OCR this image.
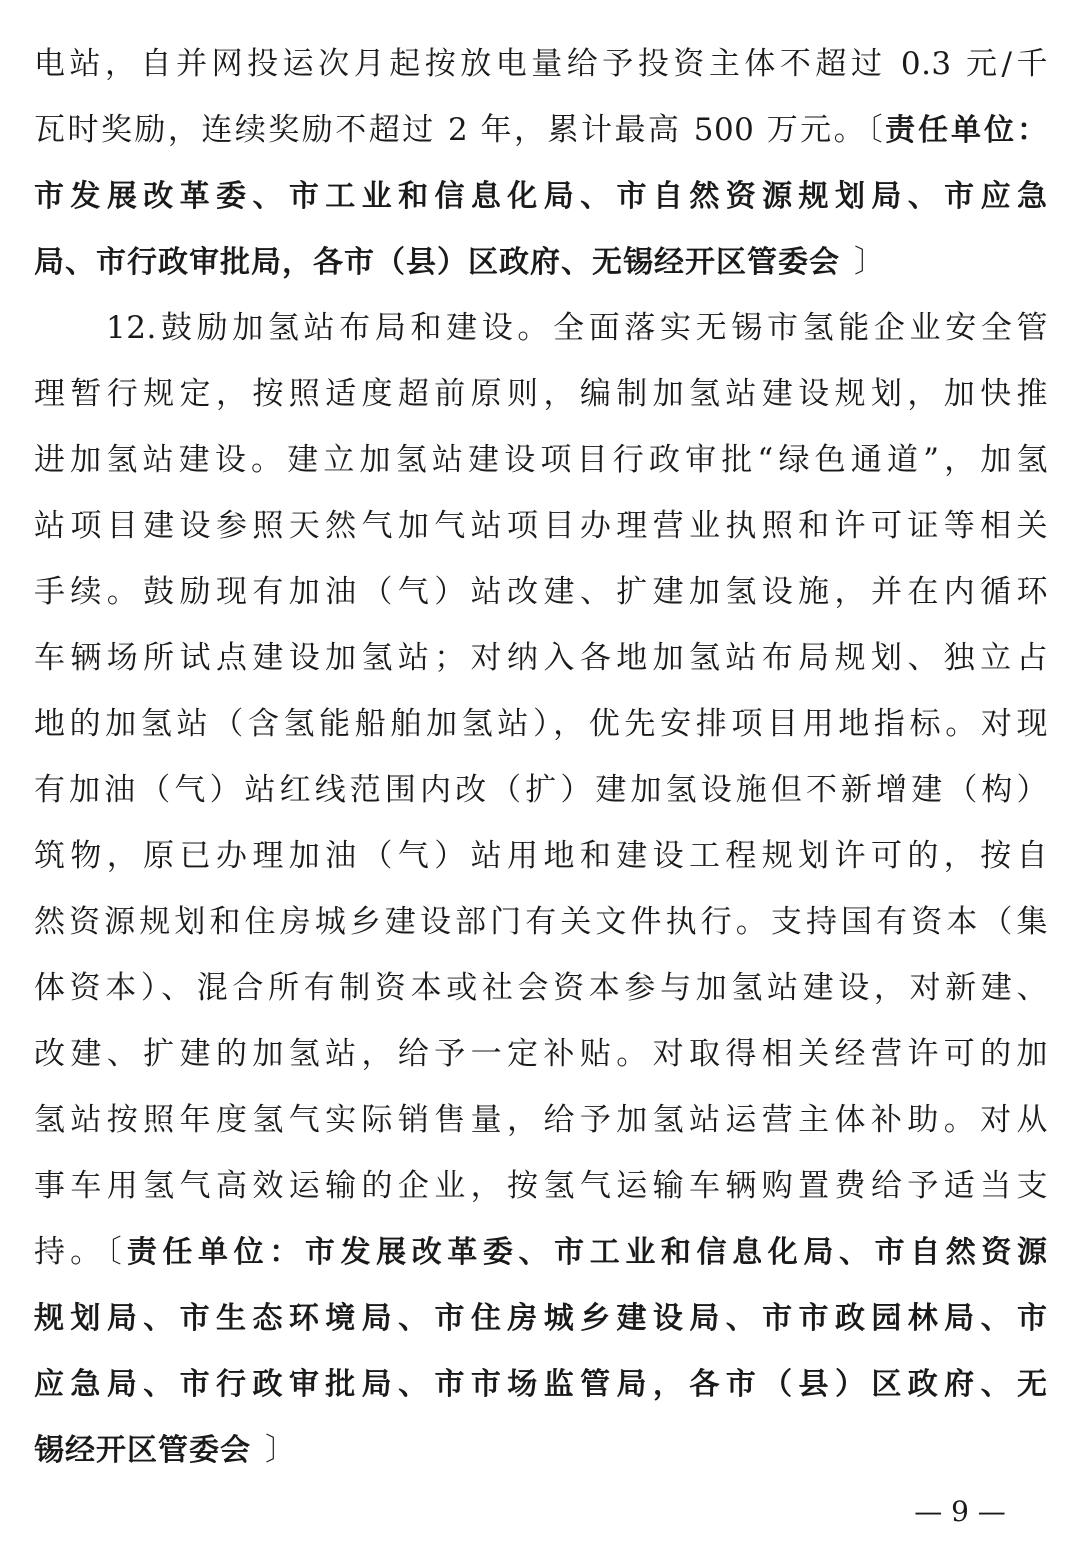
电站，自并网投运次月起按放电量给予投资主体不超过 0.3 元/千
瓦时奖励，连续奖励不超过 2 年，累计最高 500 万元。〔责任单位：
市发展改革委、市工业和信息化局、市自然资源规划局、市应急
局、市行政审批局，各市（县）区政府、无锡经开区管委会 〕
12.鼓励加氢站布局和建设。全面落实无锡市氢能企业安全管
理暂行规定，按照适度超前原则，编制加氢站建设规划，加快推
进加氢站建设。建立加氢站建设项目行政审批“绿色通道”，加氢
站项目建设参照天然气加气站项目办理营业执照和许可证等相关
手续。鼓励现有加油（气）站改建、扩建加氢设施，并在内循环
车辆场所试点建设加氢站；对纳入各地加氢站布局规划、独立占
地的加氢站（含氢能船舶加氢站），优先安排项目用地指标。对现
有加油（气）站红线范围内改（扩）建加氢设施但不新增建（构）
筑物，原已办理加油（气）站用地和建设工程规划许可的，按自
然资源规划和住房城乡建设部门有关文件执行。支持国有资本（集
体资本）、混合所有制资本或社会资本参与加氢站建设，对新建、
改建、扩建的加氢站，给予一定补贴。对取得相关经营许可的加
氢站按照年度氢气实际销售量，给予加氢站运营主体补助。对从
事车用氢气高效运输的企业，按氢气运输车辆购置费给予适当支
持。〔责任单位：市发展改革委、市工业和信息化局、市自然资源
规划局、市生态环境局、市住房城乡建设局、市市政园林局、市
应急局、市行政审批局、市市场监管局，各市（县）区政府、无
锡经开区管委会 〕
— 9 —
